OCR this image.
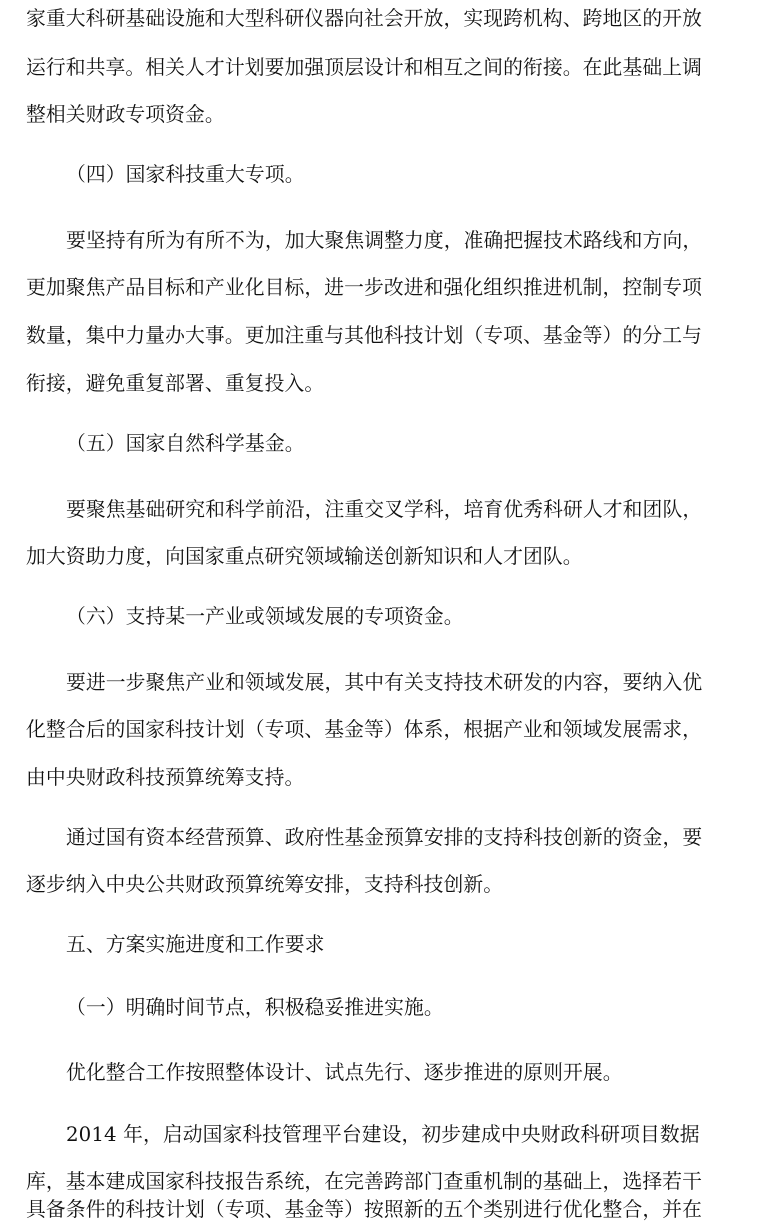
家重大科研基础设施和大型科研仪器向社会开放，实现跨机构、跨地区的开放
运行和共享。相关人才计划要加强顶层设计和相互之间的衔接。在此基础上调
整相关财政专项资金。
（四）国家科技重大专项。
要坚持有所为有所不为，加大聚焦调整力度，准确把握技术路线和方向，
更加聚焦产品目标和产业化目标，进一步改进和强化组织推进机制，控制专项
数量，集中力量办大事。更加注重与其他科技计划（专项、基金等）的分工与
衔接，避免重复部署、重复投入。
（五）国家自然科学基金。
要聚焦基础研究和科学前沿，注重交叉学科，培育优秀科研人才和团队，
加大资助力度，向国家重点研究领域输送创新知识和人才团队。
（六）支持某一产业或领域发展的专项资金。
要进一步聚焦产业和领域发展，其中有关支持技术研发的内容，要纳入优
化整合后的国家科技计划（专项、基金等）体系，根据产业和领域发展需求，
由中央财政科技预算统筹支持。
通过国有资本经营预算、政府性基金预算安排的支持科技创新的资金，要
逐步纳入中央公共财政预算统筹安排，支持科技创新。
五、方案实施进度和工作要求
（一）明确时间节点，积极稳妥推进实施。
优化整合工作按照整体设计、试点先行、逐步推进的原则开展。
2014 年，启动国家科技管理平台建设，初步建成中央财政科研项目数据
库，基本建成国家科技报告系统，在完善跨部门查重机制的基础上，选择若干
具备条件的科技计划（专项、基金等）按照新的五个类别进行优化整合，并在
